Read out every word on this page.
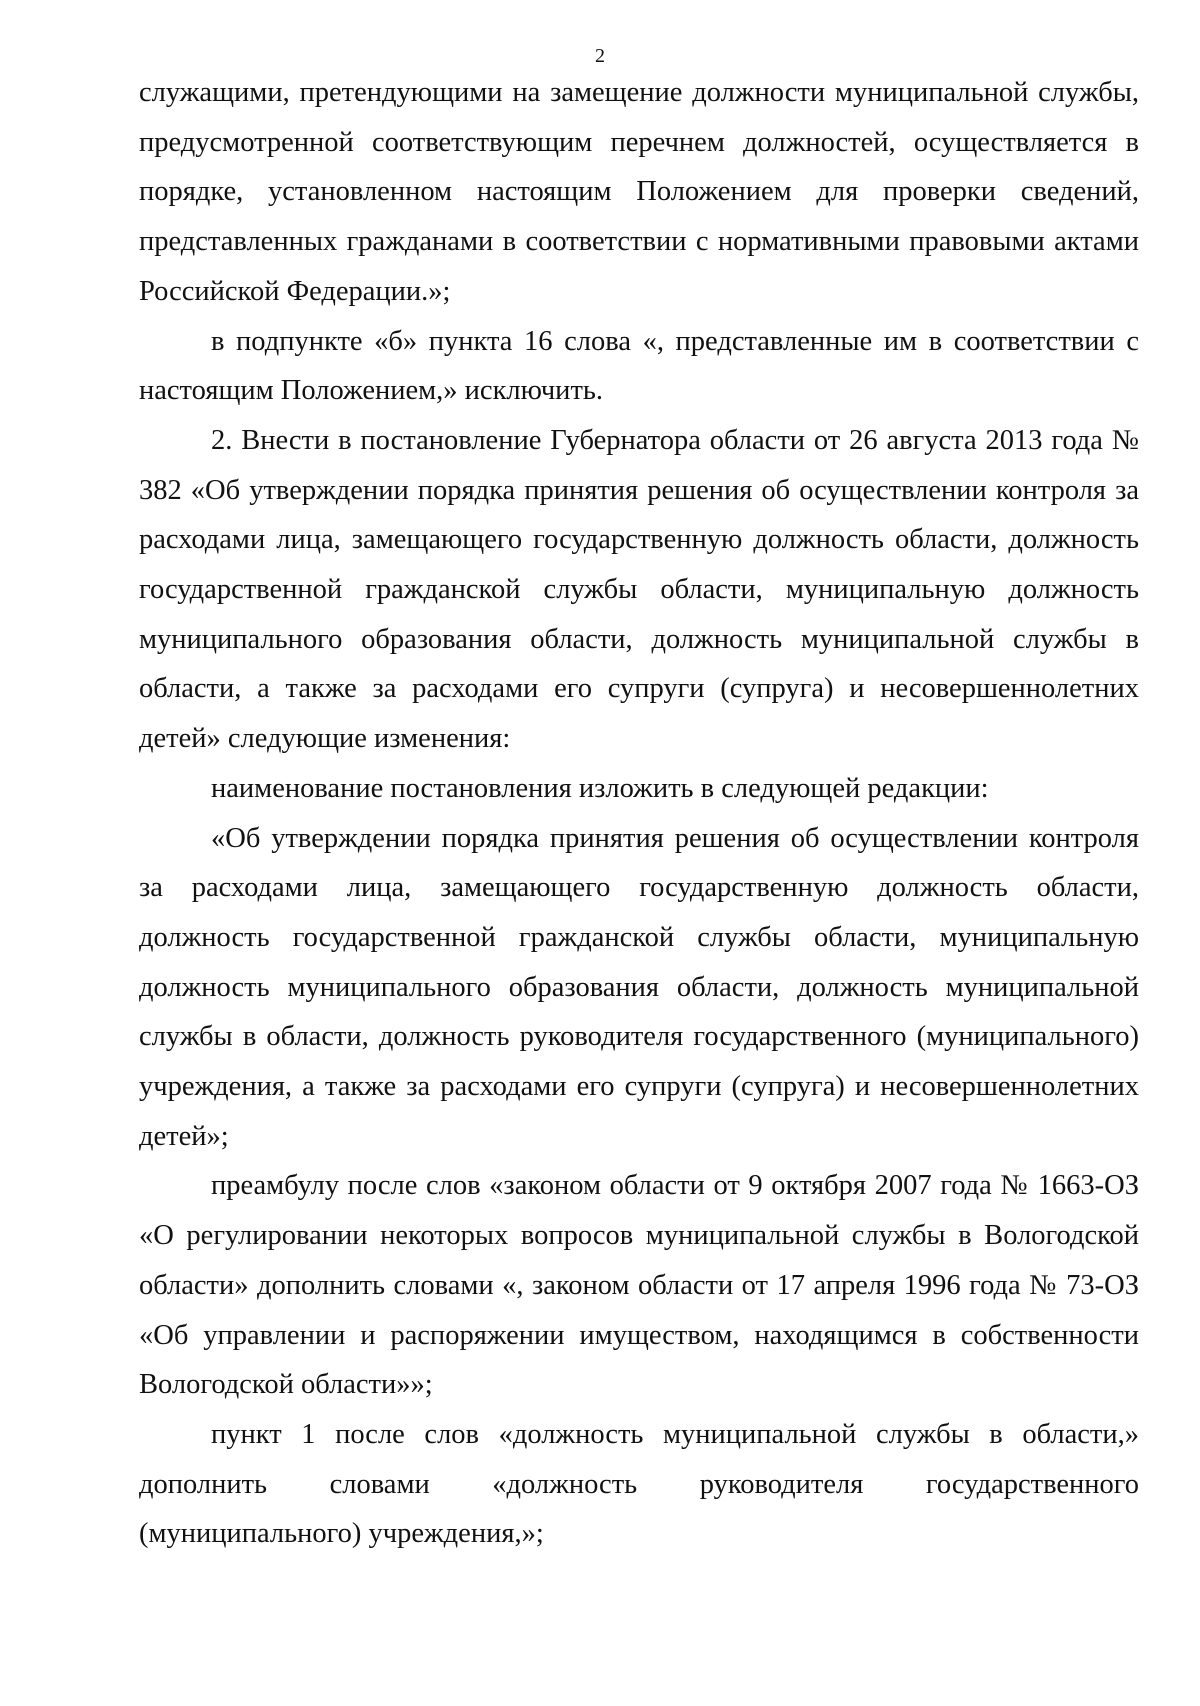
2

служащими, претендующими на замещение должности муниципальной службы, предусмотренной соответствующим перечнем должностей, осуществляется в порядке, установленном настоящим Положением для проверки сведений, представленных гражданами в соответствии с нормативными правовыми актами Российской Федерации.»;

в подпункте «б» пункта 16 слова «, представленные им в соответствии с настоящим Положением,» исключить.

2. Внести в постановление Губернатора области от 26 августа 2013 года № 382 «Об утверждении порядка принятия решения об осуществлении контроля за расходами лица, замещающего государственную должность области, должность государственной гражданской службы области, муниципальную должность муниципального образования области, должность муниципальной службы в области, а также за расходами его супруги (супруга) и несовершеннолетних детей» следующие изменения:

наименование постановления изложить в следующей редакции:

«Об утверждении порядка принятия решения об осуществлении контроля за расходами лица, замещающего государственную должность области, должность государственной гражданской службы области, муниципальную должность муниципального образования области, должность муниципальной службы в области, должность руководителя государственного (муниципального) учреждения, а также за расходами его супруги (супруга) и несовершеннолетних детей»;

преамбулу после слов «законом области от 9 октября 2007 года № 1663-ОЗ «О регулировании некоторых вопросов муниципальной службы в Вологодской области» дополнить словами «, законом области от 17 апреля 1996 года № 73-ОЗ «Об управлении и распоряжении имуществом, находящимся в собственности Вологодской области»»;

пункт 1 после слов «должность муниципальной службы в области,» дополнить словами «должность руководителя государственного (муниципального) учреждения,»;
